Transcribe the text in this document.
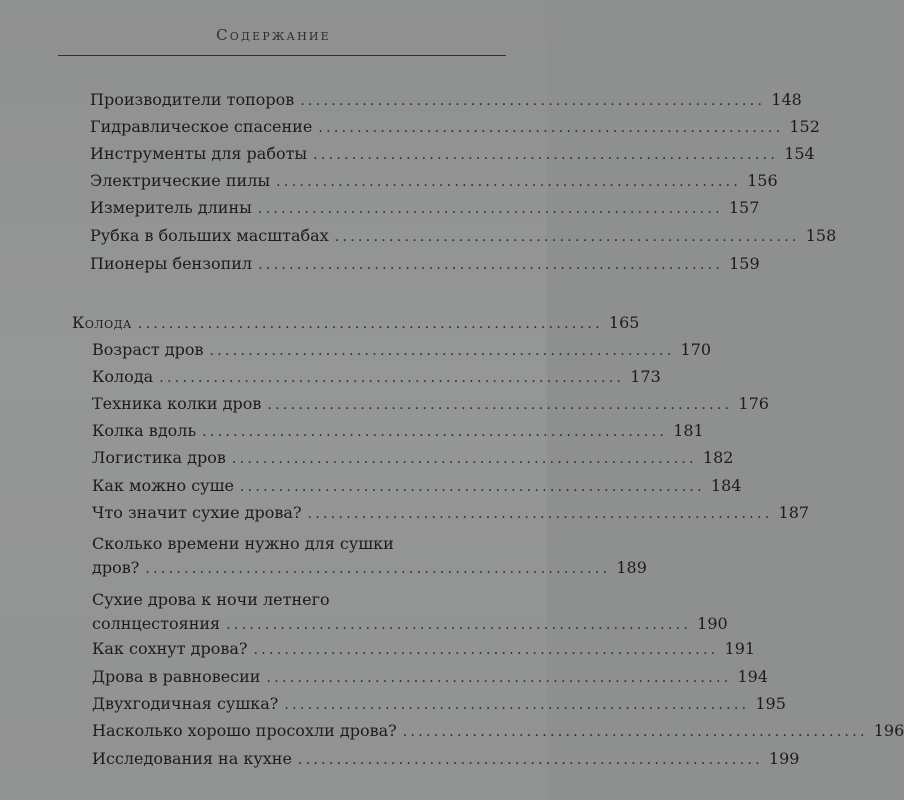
Содержание
Производители топоров ............................................................ 148
Гидравлическое спасение ............................................................ 152
Инструменты для работы ............................................................ 154
Электрические пилы ............................................................ 156
Измеритель длины ............................................................ 157
Рубка в больших масштабах ............................................................ 158
Пионеры бензопил ............................................................ 159
Колода ............................................................ 165
Возраст дров ............................................................ 170
Колода ............................................................ 173
Техника колки дров ............................................................ 176
Колка вдоль ............................................................ 181
Логистика дров ............................................................ 182
Как можно суше ............................................................ 184
Что значит сухие дрова? ............................................................ 187
Сколько времени нужно для сушки
дров? ............................................................ 189
Сухие дрова к ночи летнего
солнцестояния ............................................................ 190
Как сохнут дрова? ............................................................ 191
Дрова в равновесии ............................................................ 194
Двухгодичная сушка? ............................................................ 195
Насколько хорошо просохли дрова? ............................................................ 196
Исследования на кухне ............................................................ 199
